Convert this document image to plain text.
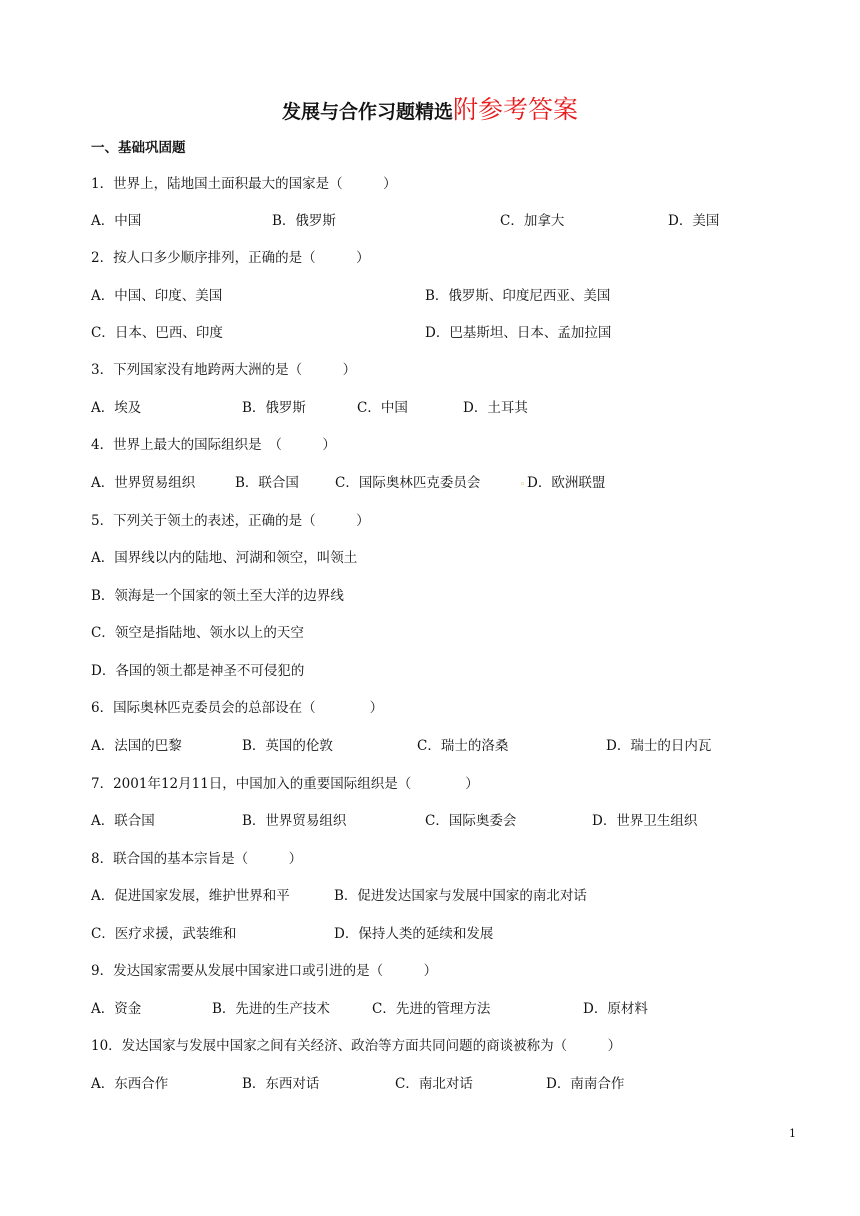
发展与合作习题精选附参考答案
一、基础巩固题
1．世界上，陆地国土面积最大的国家是（　　　）
A．中国	B．俄罗斯	C．加拿大	D．美国
2．按人口多少顺序排列，正确的是（　　　）
A．中国、印度、美国	B．俄罗斯、印度尼西亚、美国
C．日本、巴西、印度	D．巴基斯坦、日本、孟加拉国
3．下列国家没有地跨两大洲的是（　　　）
A．埃及	B．俄罗斯	C．中国	D．土耳其
4．世界上最大的国际组织是　（　　　）
A．世界贸易组织	B．联合国	C．国际奥林匹克委员会	◦ D．欧洲联盟
5．下列关于领土的表述，正确的是（　　　）
A．国界线以内的陆地、河湖和领空，叫领土
B．领海是一个国家的领土至大洋的边界线
C．领空是指陆地、领水以上的天空
D．各国的领土都是神圣不可侵犯的
6．国际奥林匹克委员会的总部设在（　　　　）
A．法国的巴黎	B．英国的伦敦	C．瑞士的洛桑	D．瑞士的日内瓦
7．2001年12月11日，中国加入的重要国际组织是（　　　　）
A．联合国	B．世界贸易组织	C．国际奥委会	D．世界卫生组织
8．联合国的基本宗旨是（　　　）
A．促进国家发展，维护世界和平	B．促进发达国家与发展中国家的南北对话
C．医疗求援，武装维和	D．保持人类的延续和发展
9．发达国家需要从发展中国家进口或引进的是（　　　）
A．资金	B．先进的生产技术	C．先进的管理方法	D．原材料
10．发达国家与发展中国家之间有关经济、政治等方面共同问题的商谈被称为（　　　）
A．东西合作	B．东西对话	C．南北对话	D．南南合作
1
